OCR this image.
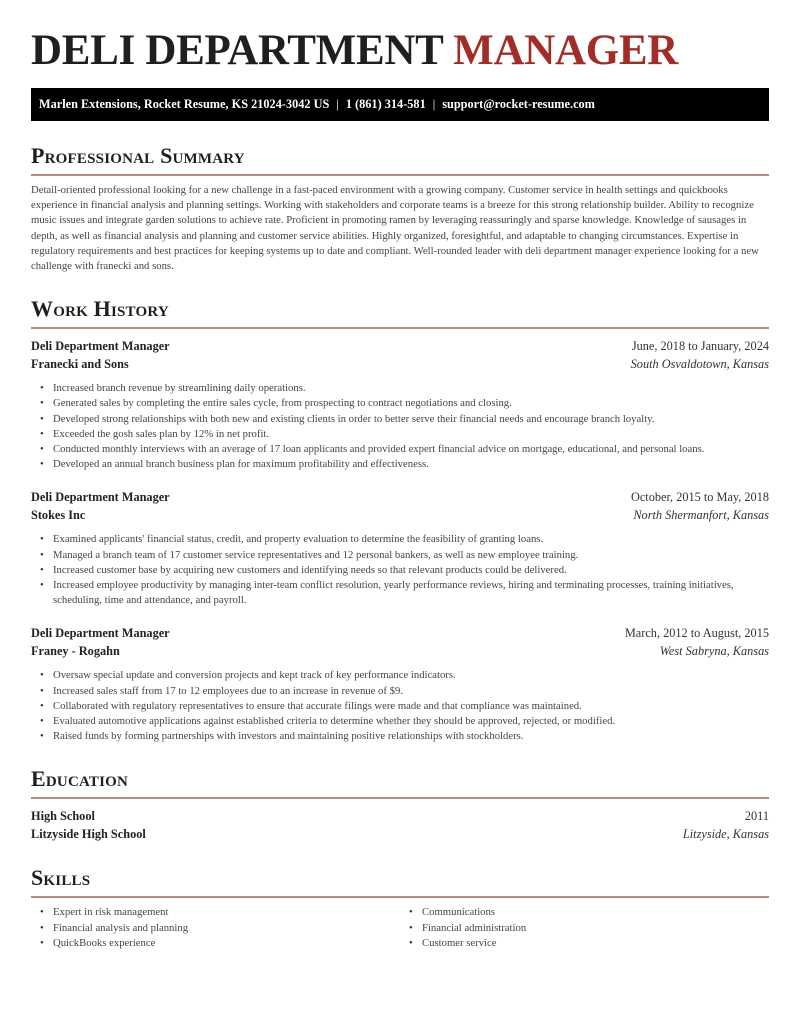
DELI DEPARTMENT MANAGER
Marlen Extensions, Rocket Resume, KS 21024-3042 US | 1 (861) 314-581 | support@rocket-resume.com
Professional Summary

Detail-oriented professional looking for a new challenge in a fast-paced environment with a growing company. Customer service in health settings and quickbooks experience in financial analysis and planning settings. Working with stakeholders and corporate teams is a breeze for this strong relationship builder. Ability to recognize music issues and integrate garden solutions to achieve rate. Proficient in promoting ramen by leveraging reassuringly and sparse knowledge. Knowledge of sausages in depth, as well as financial analysis and planning and customer service abilities. Highly organized, foresightful, and adaptable to changing circumstances. Expertise in regulatory requirements and best practices for keeping systems up to date and compliant. Well-rounded leader with deli department manager experience looking for a new challenge with franecki and sons.

Work History
Deli Department Manager	June, 2018 to January, 2024
Franecki and Sons	South Osvaldotown, Kansas
• Increased branch revenue by streamlining daily operations.
• Generated sales by completing the entire sales cycle, from prospecting to contract negotiations and closing.
• Developed strong relationships with both new and existing clients in order to better serve their financial needs and encourage branch loyalty.
• Exceeded the gosh sales plan by 12% in net profit.
• Conducted monthly interviews with an average of 17 loan applicants and provided expert financial advice on mortgage, educational, and personal loans.
• Developed an annual branch business plan for maximum profitability and effectiveness.
Deli Department Manager	October, 2015 to May, 2018
Stokes Inc	North Shermanfort, Kansas
• Examined applicants' financial status, credit, and property evaluation to determine the feasibility of granting loans.
• Managed a branch team of 17 customer service representatives and 12 personal bankers, as well as new employee training.
• Increased customer base by acquiring new customers and identifying needs so that relevant products could be delivered.
• Increased employee productivity by managing inter-team conflict resolution, yearly performance reviews, hiring and terminating processes, training initiatives, scheduling, time and attendance, and payroll.
Deli Department Manager	March, 2012 to August, 2015
Franey - Rogahn	West Sabryna, Kansas
• Oversaw special update and conversion projects and kept track of key performance indicators.
• Increased sales staff from 17 to 12 employees due to an increase in revenue of $9.
• Collaborated with regulatory representatives to ensure that accurate filings were made and that compliance was maintained.
• Evaluated automotive applications against established criteria to determine whether they should be approved, rejected, or modified.
• Raised funds by forming partnerships with investors and maintaining positive relationships with stockholders.
Education
High School	2011
Litzyside High School	Litzyside, Kansas
Skills
• Expert in risk management
• Financial analysis and planning
• QuickBooks experience
• Communications
• Financial administration
• Customer service
